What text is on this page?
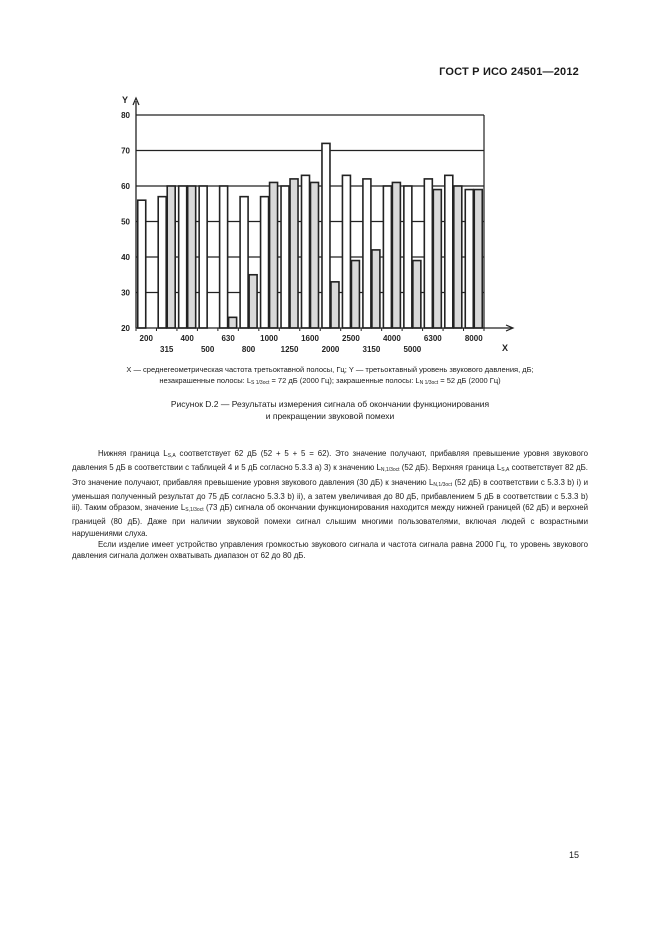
ГОСТ Р ИСО 24501—2012
20
30
40
50
60
70
80
Y
X
200	400	630	1000	1600	2500	4000	6300	8000
315	500	800	1250	2000	3150	5000
X — среднегеометрическая частота третьоктавной полосы, Гц; Y — третьоктавный уровень звукового давления, дБ;
незакрашенные полосы: $L_{S 1/3oct} = 72$ дБ (2000 Гц); закрашенные полосы: $L_{N 1/3oct} = 52$ дБ (2000 Гц)
Рисунок D.2 — Результаты измерения сигнала об окончании функционирования
и прекращении звуковой помехи

Нижняя граница $L_{S,A}$ соответствует 62 дБ (52 + 5 + 5 = 62). Это значение получают, прибавляя превышение уровня звукового давления 5 дБ в соответствии с таблицей 4 и 5 дБ согласно 5.3.3 а) 3) к значению $L_{N,1/3oct}$ (52 дБ). Верхняя граница $L_{S,A}$ соответствует 82 дБ. Это значение получают, прибавляя превышение уровня звукового давления (30 дБ) к значению $L_{N,1/3oct}$ (52 дБ) в соответствии с 5.3.3 b) i) и уменьшая полученный результат до 75 дБ согласно 5.3.3 b) ii), а затем увеличивая до 80 дБ, прибавлением 5 дБ в соответствии с 5.3.3 b) iii). Таким образом, значение $L_{S,1/3oct}$ (73 дБ) сигнала об окончании функционирования находится между нижней границей (62 дБ) и верхней границей (80 дБ). Даже при наличии звуковой помехи сигнал слышим многими пользователями, включая людей с возрастными нарушениями слуха.

Если изделие имеет устройство управления громкостью звукового сигнала и частота сигнала равна 2000 Гц, то уровень звукового давления сигнала должен охватывать диапазон от 62 до 80 дБ.

15
